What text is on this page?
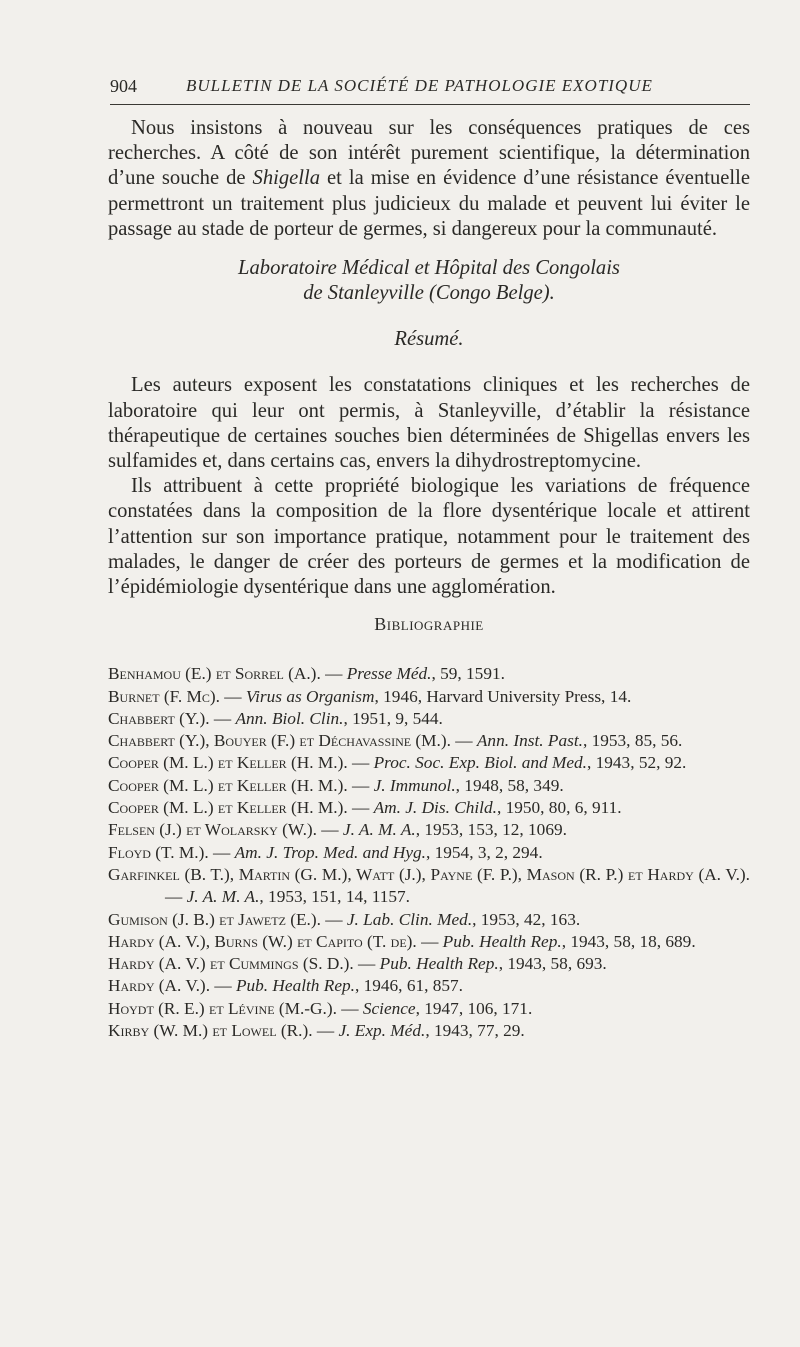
904	BULLETIN DE LA SOCIÉTÉ DE PATHOLOGIE EXOTIQUE

Nous insistons à nouveau sur les conséquences pratiques de ces recherches. A côté de son intérêt purement scientifique, la détermination d’une souche de Shigella et la mise en évidence d’une résistance éventuelle permettront un traitement plus judicieux du malade et peuvent lui éviter le passage au stade de porteur de germes, si dangereux pour la communauté.

Laboratoire Médical et Hôpital des Congolais
de Stanleyville (Congo Belge).
Résumé.

Les auteurs exposent les constatations cliniques et les recherches de laboratoire qui leur ont permis, à Stanleyville, d’établir la résistance thérapeutique de certaines souches bien déterminées de Shigellas envers les sulfamides et, dans certains cas, envers la dihydrostreptomycine.

Ils attribuent à cette propriété biologique les variations de fréquence constatées dans la composition de la flore dysentérique locale et attirent l’attention sur son importance pratique, notamment pour le traitement des malades, le danger de créer des porteurs de germes et la modification de l’épidémiologie dysentérique dans une agglomération.

Bibliographie

Benhamou (E.) et Sorrel (A.). — Presse Méd., 59, 1591.

Burnet (F. Mc). — Virus as Organism, 1946, Harvard University Press, 14.

Chabbert (Y.). — Ann. Biol. Clin., 1951, 9, 544.

Chabbert (Y.), Bouyer (F.) et Déchavassine (M.). — Ann. Inst. Past., 1953, 85, 56.

Cooper (M. L.) et Keller (H. M.). — Proc. Soc. Exp. Biol. and Med., 1943, 52, 92.

Cooper (M. L.) et Keller (H. M.). — J. Immunol., 1948, 58, 349.

Cooper (M. L.) et Keller (H. M.). — Am. J. Dis. Child., 1950, 80, 6, 911.

Felsen (J.) et Wolarsky (W.). — J. A. M. A., 1953, 153, 12, 1069.

Floyd (T. M.). — Am. J. Trop. Med. and Hyg., 1954, 3, 2, 294.

Garfinkel (B. T.), Martin (G. M.), Watt (J.), Payne (F. P.), Mason (R. P.) et Hardy (A. V.). — J. A. M. A., 1953, 151, 14, 1157.

Gumison (J. B.) et Jawetz (E.). — J. Lab. Clin. Med., 1953, 42, 163.

Hardy (A. V.), Burns (W.) et Capito (T. de). — Pub. Health Rep., 1943, 58, 18, 689.

Hardy (A. V.) et Cummings (S. D.). — Pub. Health Rep., 1943, 58, 693.

Hardy (A. V.). — Pub. Health Rep., 1946, 61, 857.

Hoydt (R. E.) et Lévine (M.-G.). — Science, 1947, 106, 171.

Kirby (W. M.) et Lowel (R.). — J. Exp. Méd., 1943, 77, 29.
